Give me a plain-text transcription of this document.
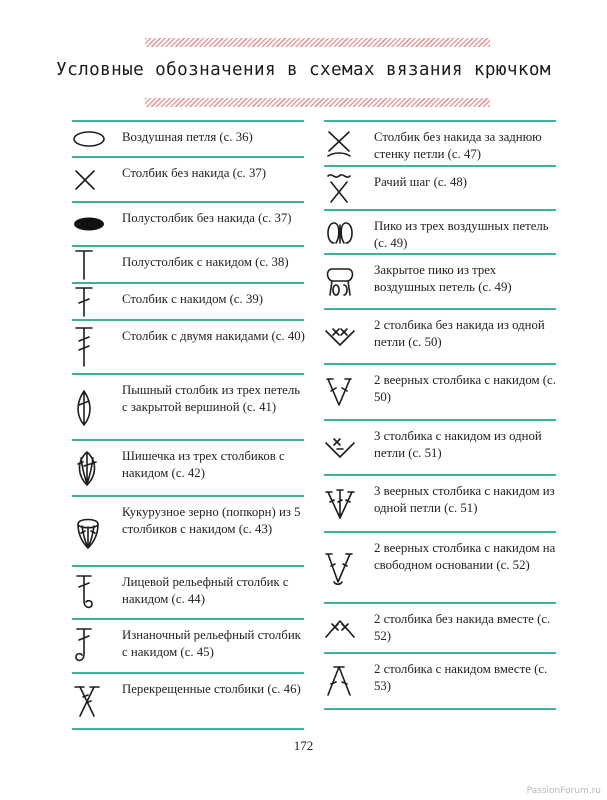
Условные обозначения в схемах вязания крючком
Воздушная петля (с. 36)
Столбик без накида (с. 37)
Полустолбик без накида (с. 37)
Полустолбик с накидом (с. 38)
Столбик с накидом (с. 39)
Столбик с двумя накидами (с. 40)
Пышный столбик из трех петель с закрытой вершиной (с. 41)
Шишечка из трех столбиков с накидом (с. 42)
Кукурузное зерно (попкорн) из 5 столбиков с накидом (с. 43)
Лицевой рельефный столбик с накидом (с. 44)
Изнаночный рельефный столбик с накидом (с. 45)
Перекрещенные столбики (с. 46)
Столбик без накида за заднюю стенку петли (с. 47)
Рачий шаг (с. 48)
Пико из трех воздушных петель (с. 49)
Закрытое пико из трех воздушных петель (с. 49)
2 столбика без накида из одной петли (с. 50)
2 веерных столбика с накидом (с. 50)
3 столбика с накидом из одной петли (с. 51)
3 веерных столбика с накидом из одной петли (с. 51)
2 веерных столбика с накидом на свободном основании (с. 52)
2 столбика без накида вместе (с. 52)
2 столбика с накидом вместе (с. 53)
172
PassionForum.ru
